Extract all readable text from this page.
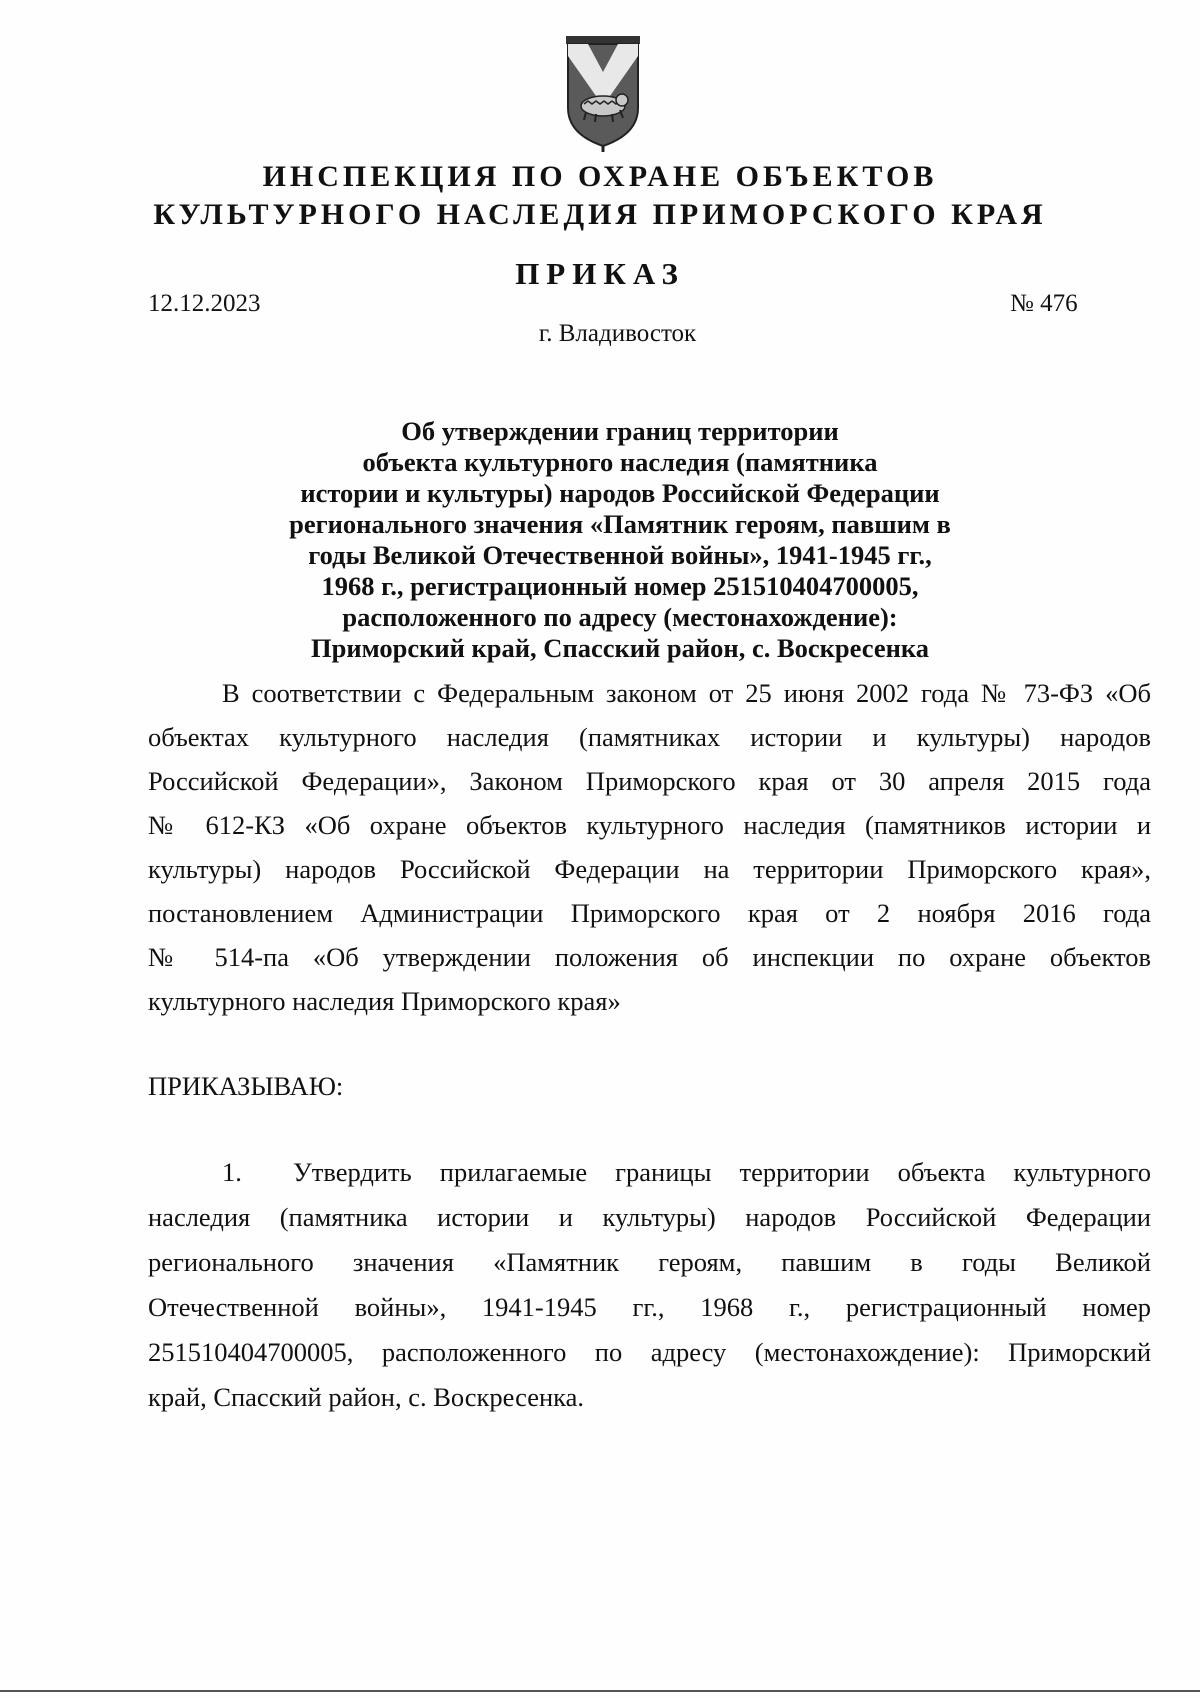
ИНСПЕКЦИЯ ПО ОХРАНЕ ОБЪЕКТОВ
КУЛЬТУРНОГО НАСЛЕДИЯ ПРИМОРСКОГО КРАЯ
ПРИКАЗ
12.12.2023	№ 476
г. Владивосток
Об утверждении границ территории
объекта культурного наследия (памятника
истории и культуры) народов Российской Федерации
регионального значения «Памятник героям, павшим в
годы Великой Отечественной войны», 1941-1945 гг.,
1968 г., регистрационный номер 251510404700005,
расположенного по адресу (местонахождение):
Приморский край, Спасский район, с. Воскресенка
В соответствии с Федеральным законом от 25 июня 2002 года № 73-ФЗ «Об
объектах культурного наследия (памятниках истории и культуры) народов
Российской Федерации», Законом Приморского края от 30 апреля 2015 года
№ 612-КЗ «Об охране объектов культурного наследия (памятников истории и
культуры) народов Российской Федерации на территории Приморского края»,
постановлением Администрации Приморского края от 2 ноября 2016 года
№ 514-па «Об утверждении положения об инспекции по охране объектов
культурного наследия Приморского края»
ПРИКАЗЫВАЮ:
1. Утвердить прилагаемые границы территории объекта культурного
наследия (памятника истории и культуры) народов Российской Федерации
регионального значения «Памятник героям, павшим в годы Великой
Отечественной войны», 1941-1945 гг., 1968 г., регистрационный номер
251510404700005, расположенного по адресу (местонахождение): Приморский
край, Спасский район, с. Воскресенка.
